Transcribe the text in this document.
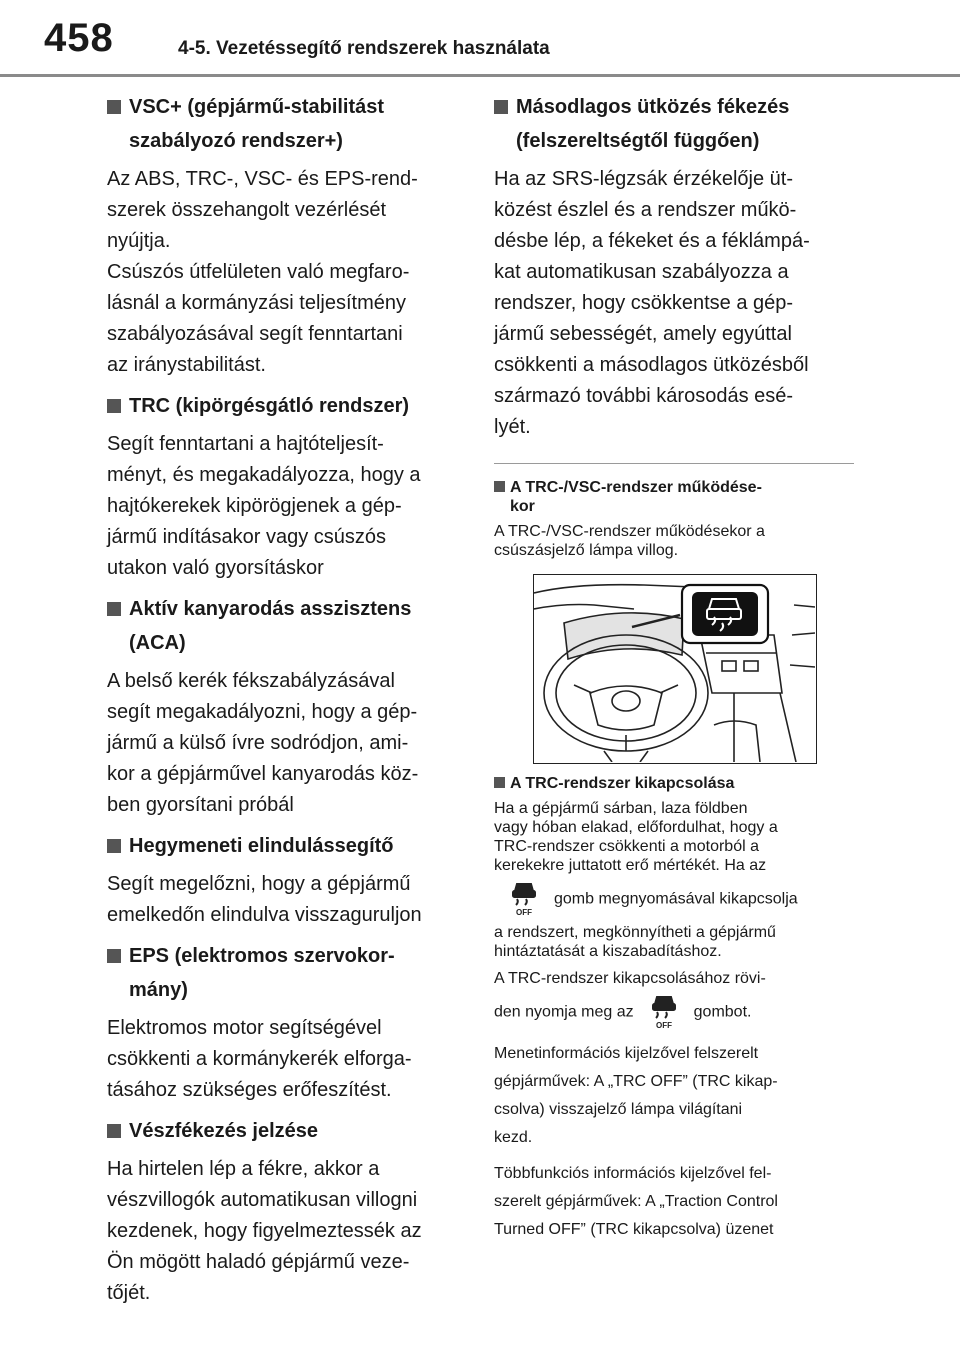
458	4-5. Vezetéssegítő rendszerek használata
VSC+ (gépjármű-stabilitást
szabályozó rendszer+)
Az ABS, TRC-, VSC- és EPS-rend-
szerek összehangolt vezérlését
nyújtja.
Csúszós útfelületen való megfaro-
lásnál a kormányzási teljesítmény
szabályozásával segít fenntartani
az iránystabilitást.
TRC (kipörgésgátló rendszer)
Segít fenntartani a hajtóteljesít-
ményt, és megakadályozza, hogy a
hajtókerekek kipörögjenek a gép-
jármű indításakor vagy csúszós
utakon való gyorsításkor
Aktív kanyarodás asszisztens
(ACA)
A belső kerék fékszabályzásával
segít megakadályozni, hogy a gép-
jármű a külső ívre sodródjon, ami-
kor a gépjárművel kanyarodás köz-
ben gyorsítani próbál
Hegymeneti elindulássegítő
Segít megelőzni, hogy a gépjármű
emelkedőn elindulva visszaguruljon
EPS (elektromos szervokor-
mány)
Elektromos motor segítségével
csökkenti a kormánykerék elforga-
tásához szükséges erőfeszítést.
Vészfékezés jelzése
Ha hirtelen lép a fékre, akkor a
vészvillogók automatikusan villogni
kezdenek, hogy figyelmeztessék az
Ön mögött haladó gépjármű veze-
tőjét.
Másodlagos ütközés fékezés
(felszereltségtől függően)
Ha az SRS-légzsák érzékelője üt-
közést észlel és a rendszer műkö-
désbe lép, a fékeket és a féklámpá-
kat automatikusan szabályozza a
rendszer, hogy csökkentse a gép-
jármű sebességét, amely egyúttal
csökkenti a másodlagos ütközésből
származó további károsodás esé-
lyét.
A TRC-/VSC-rendszer működése-
kor
A TRC-/VSC-rendszer működésekor a
csúszásjelző lámpa villog.
A TRC-rendszer kikapcsolása
Ha a gépjármű sárban, laza földben
vagy hóban elakad, előfordulhat, hogy a
TRC-rendszer csökkenti a motorból a
kerekekre juttatott erő mértékét. Ha az
OFF
gomb megnyomásával kikapcsolja
a rendszert, megkönnyítheti a gépjármű
hintáztatását a kiszabadításhoz.
A TRC-rendszer kikapcsolásához rövi-
den nyomja meg az
OFF
gombot.
Menetinformációs kijelzővel felszerelt
gépjárművek: A „TRC OFF” (TRC kikap-
csolva) visszajelző lámpa világítani
kezd.
Többfunkciós információs kijelzővel fel-
szerelt gépjárművek: A „Traction Control
Turned OFF” (TRC kikapcsolva) üzenet
